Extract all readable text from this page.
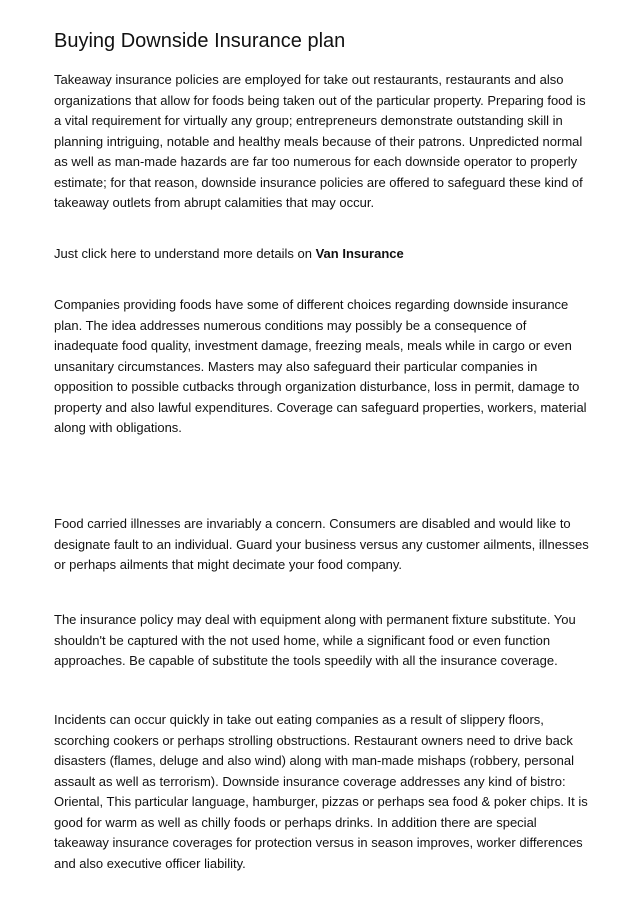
Buying Downside Insurance plan

Takeaway insurance policies are employed for take out restaurants, restaurants and also organizations that allow for foods being taken out of the particular property. Preparing food is a vital requirement for virtually any group; entrepreneurs demonstrate outstanding skill in planning intriguing, notable and healthy meals because of their patrons. Unpredicted normal as well as man-made hazards are far too numerous for each downside operator to properly estimate; for that reason, downside insurance policies are offered to safeguard these kind of takeaway outlets from abrupt calamities that may occur.

Just click here to understand more details on Van Insurance

Companies providing foods have some of different choices regarding downside insurance plan. The idea addresses numerous conditions may possibly be a consequence of inadequate food quality, investment damage, freezing meals, meals while in cargo or even unsanitary circumstances. Masters may also safeguard their particular companies in opposition to possible cutbacks through organization disturbance, loss in permit, damage to property and also lawful expenditures. Coverage can safeguard properties, workers, material along with obligations.

Food carried illnesses are invariably a concern. Consumers are disabled and would like to designate fault to an individual. Guard your business versus any customer ailments, illnesses or perhaps ailments that might decimate your food company.

The insurance policy may deal with equipment along with permanent fixture substitute. You shouldn't be captured with the not used home, while a significant food or even function approaches. Be capable of substitute the tools speedily with all the insurance coverage.

Incidents can occur quickly in take out eating companies as a result of slippery floors, scorching cookers or perhaps strolling obstructions. Restaurant owners need to drive back disasters (flames, deluge and also wind) along with man-made mishaps (robbery, personal assault as well as terrorism). Downside insurance coverage addresses any kind of bistro: Oriental, This particular language, hamburger, pizzas or perhaps sea food & poker chips. It is good for warm as well as chilly foods or perhaps drinks. In addition there are special takeaway insurance coverages for protection versus in season improves, worker differences and also executive officer liability.
